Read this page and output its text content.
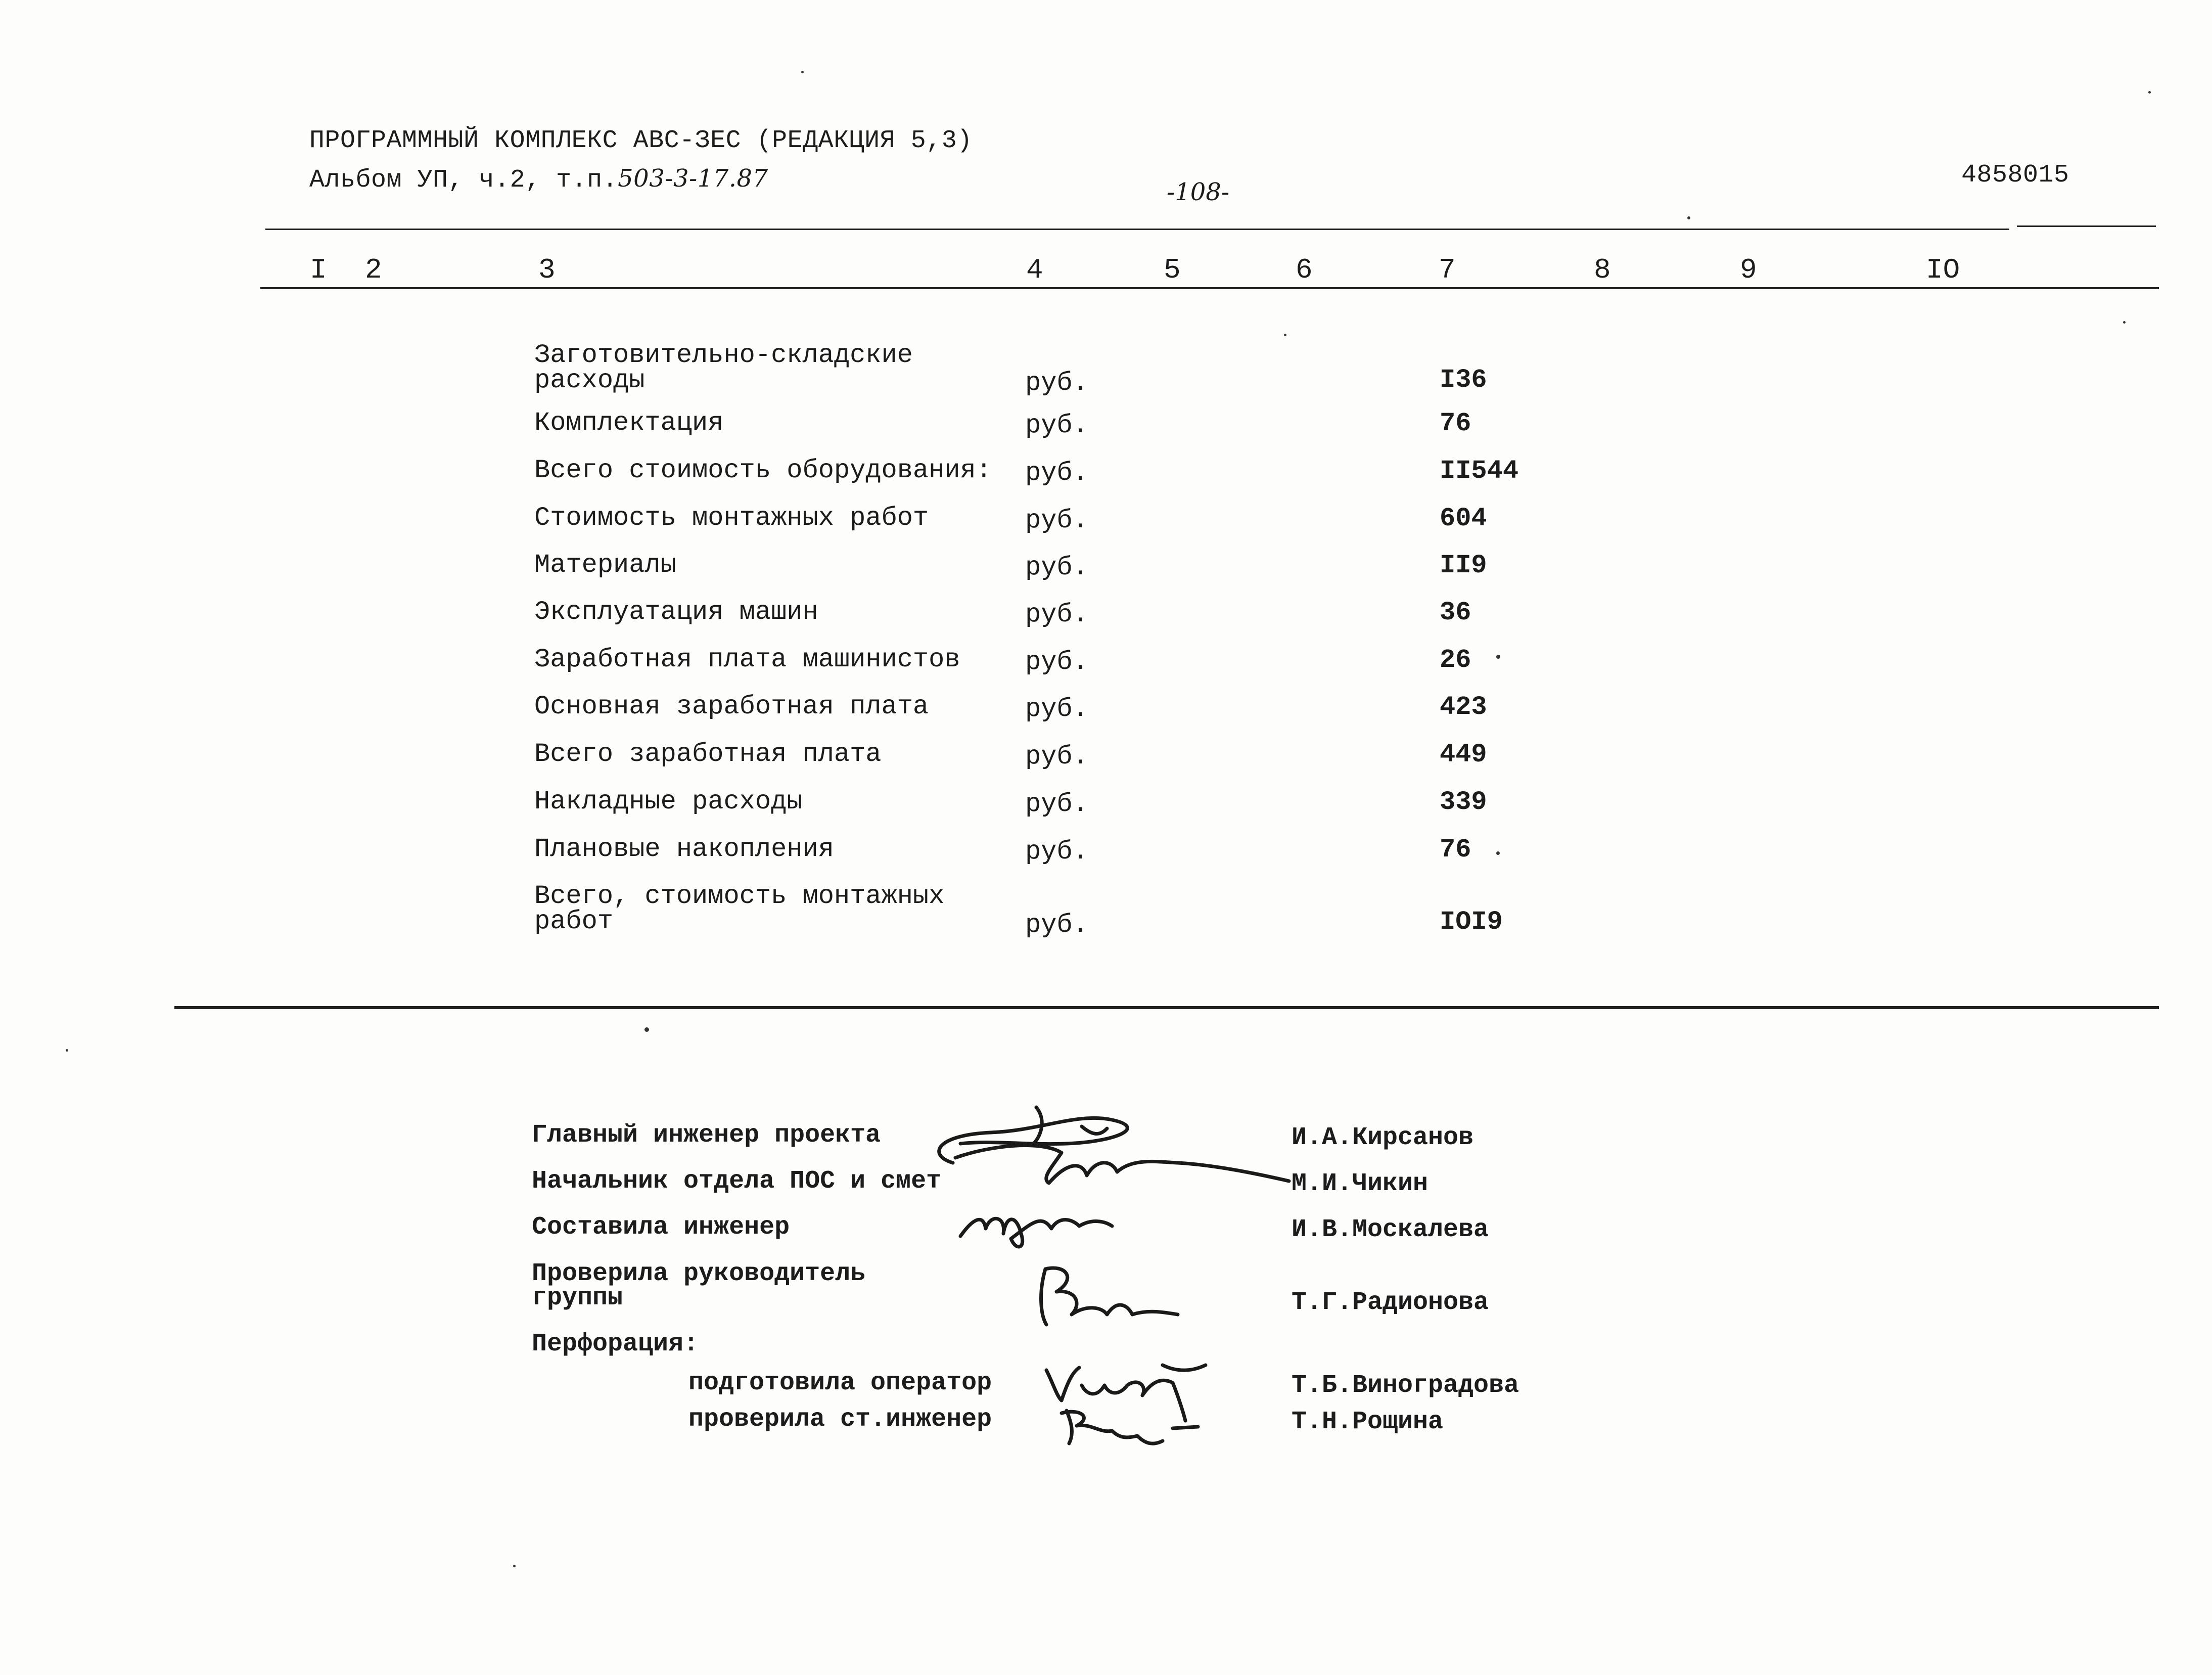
ПРОГРАММНЫЙ КОМПЛЕКС АВС-ЗЕС (РЕДАКЦИЯ 5,3)
Альбом УП, ч.2, т.п.503-3-17.87	-108-
4858015
I 2	3	4	5	6	7	8	9	IO
Заготовительно-складские
расходы	руб.	I36
Комплектация	руб.	76
Всего стоимость оборудования: руб.	II544
Стоимость монтажных работ	руб.	604
Материалы	руб.	II9
Эксплуатация машин	руб.	36
Заработная плата машинистов руб.	26
Основная заработная плата	руб.	423
Всего заработная плата	руб.	449
Накладные расходы	руб.	339
Плановые накопления	руб.	76
Всего, стоимость монтажных
работ	руб.	IOI9
Главный инженер проекта	И.А.Кирсанов
Начальник отдела ПОС и смет	М.И.Чикин
Составила инженер	И.В.Москалева
Проверила руководитель
группы	Т.Г.Радионова
Перфорация:
подготовила оператор	Т.Б.Виноградова
проверила ст.инженер	Т.Н.Рощина
